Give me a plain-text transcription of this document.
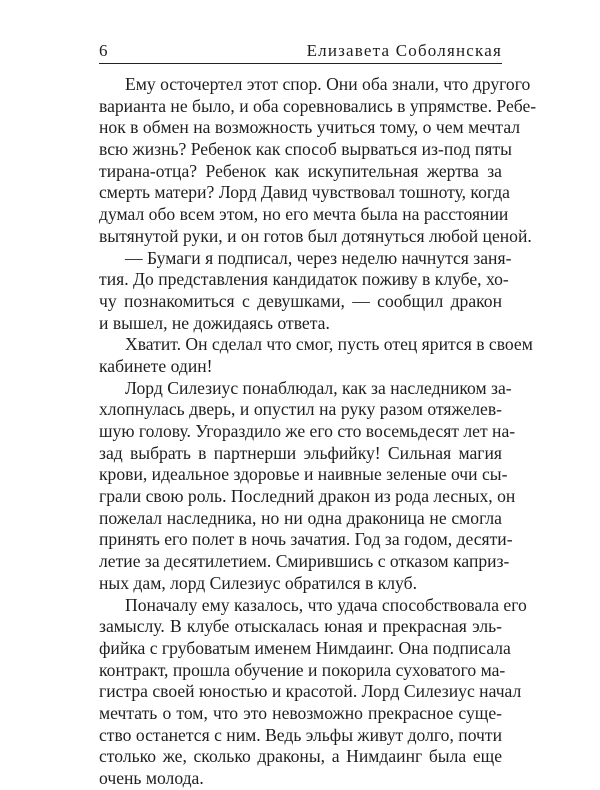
6	Елизавета Соболянская
Ему осточертел этот спор. Они оба знали, что другого
варианта не было, и оба соревновались в упрямстве. Ребе-
нок в обмен на возможность учиться тому, о чем мечтал
всю жизнь? Ребенок как способ вырваться из-под пяты
тирана-отца? Ребенок как искупительная жертва за
смерть матери? Лорд Давид чувствовал тошноту, когда
думал обо всем этом, но его мечта была на расстоянии
вытянутой руки, и он готов был дотянуться любой ценой.
— Бумаги я подписал, через неделю начнутся заня-
тия. До представления кандидаток поживу в клубе, хо-
чу познакомиться с девушками, — сообщил дракон
и вышел, не дожидаясь ответа.
Хватит. Он сделал что смог, пусть отец ярится в своем
кабинете один!
Лорд Силезиус понаблюдал, как за наследником за-
хлопнулась дверь, и опустил на руку разом отяжелев-
шую голову. Угораздило же его сто восемьдесят лет на-
зад выбрать в партнерши эльфийку! Сильная магия
крови, идеальное здоровье и наивные зеленые очи сы-
грали свою роль. Последний дракон из рода лесных, он
пожелал наследника, но ни одна драконица не смогла
принять его полет в ночь зачатия. Год за годом, десяти-
летие за десятилетием. Смирившись с отказом каприз-
ных дам, лорд Силезиус обратился в клуб.
Поначалу ему казалось, что удача способствовала его
замыслу. В клубе отыскалась юная и прекрасная эль-
фийка с грубоватым именем Нимдаинг. Она подписала
контракт, прошла обучение и покорила суховатого ма-
гистра своей юностью и красотой. Лорд Силезиус начал
мечтать о том, что это невозможно прекрасное суще-
ство останется с ним. Ведь эльфы живут долго, почти
столько же, сколько драконы, а Нимдаинг была еще
очень молода.
